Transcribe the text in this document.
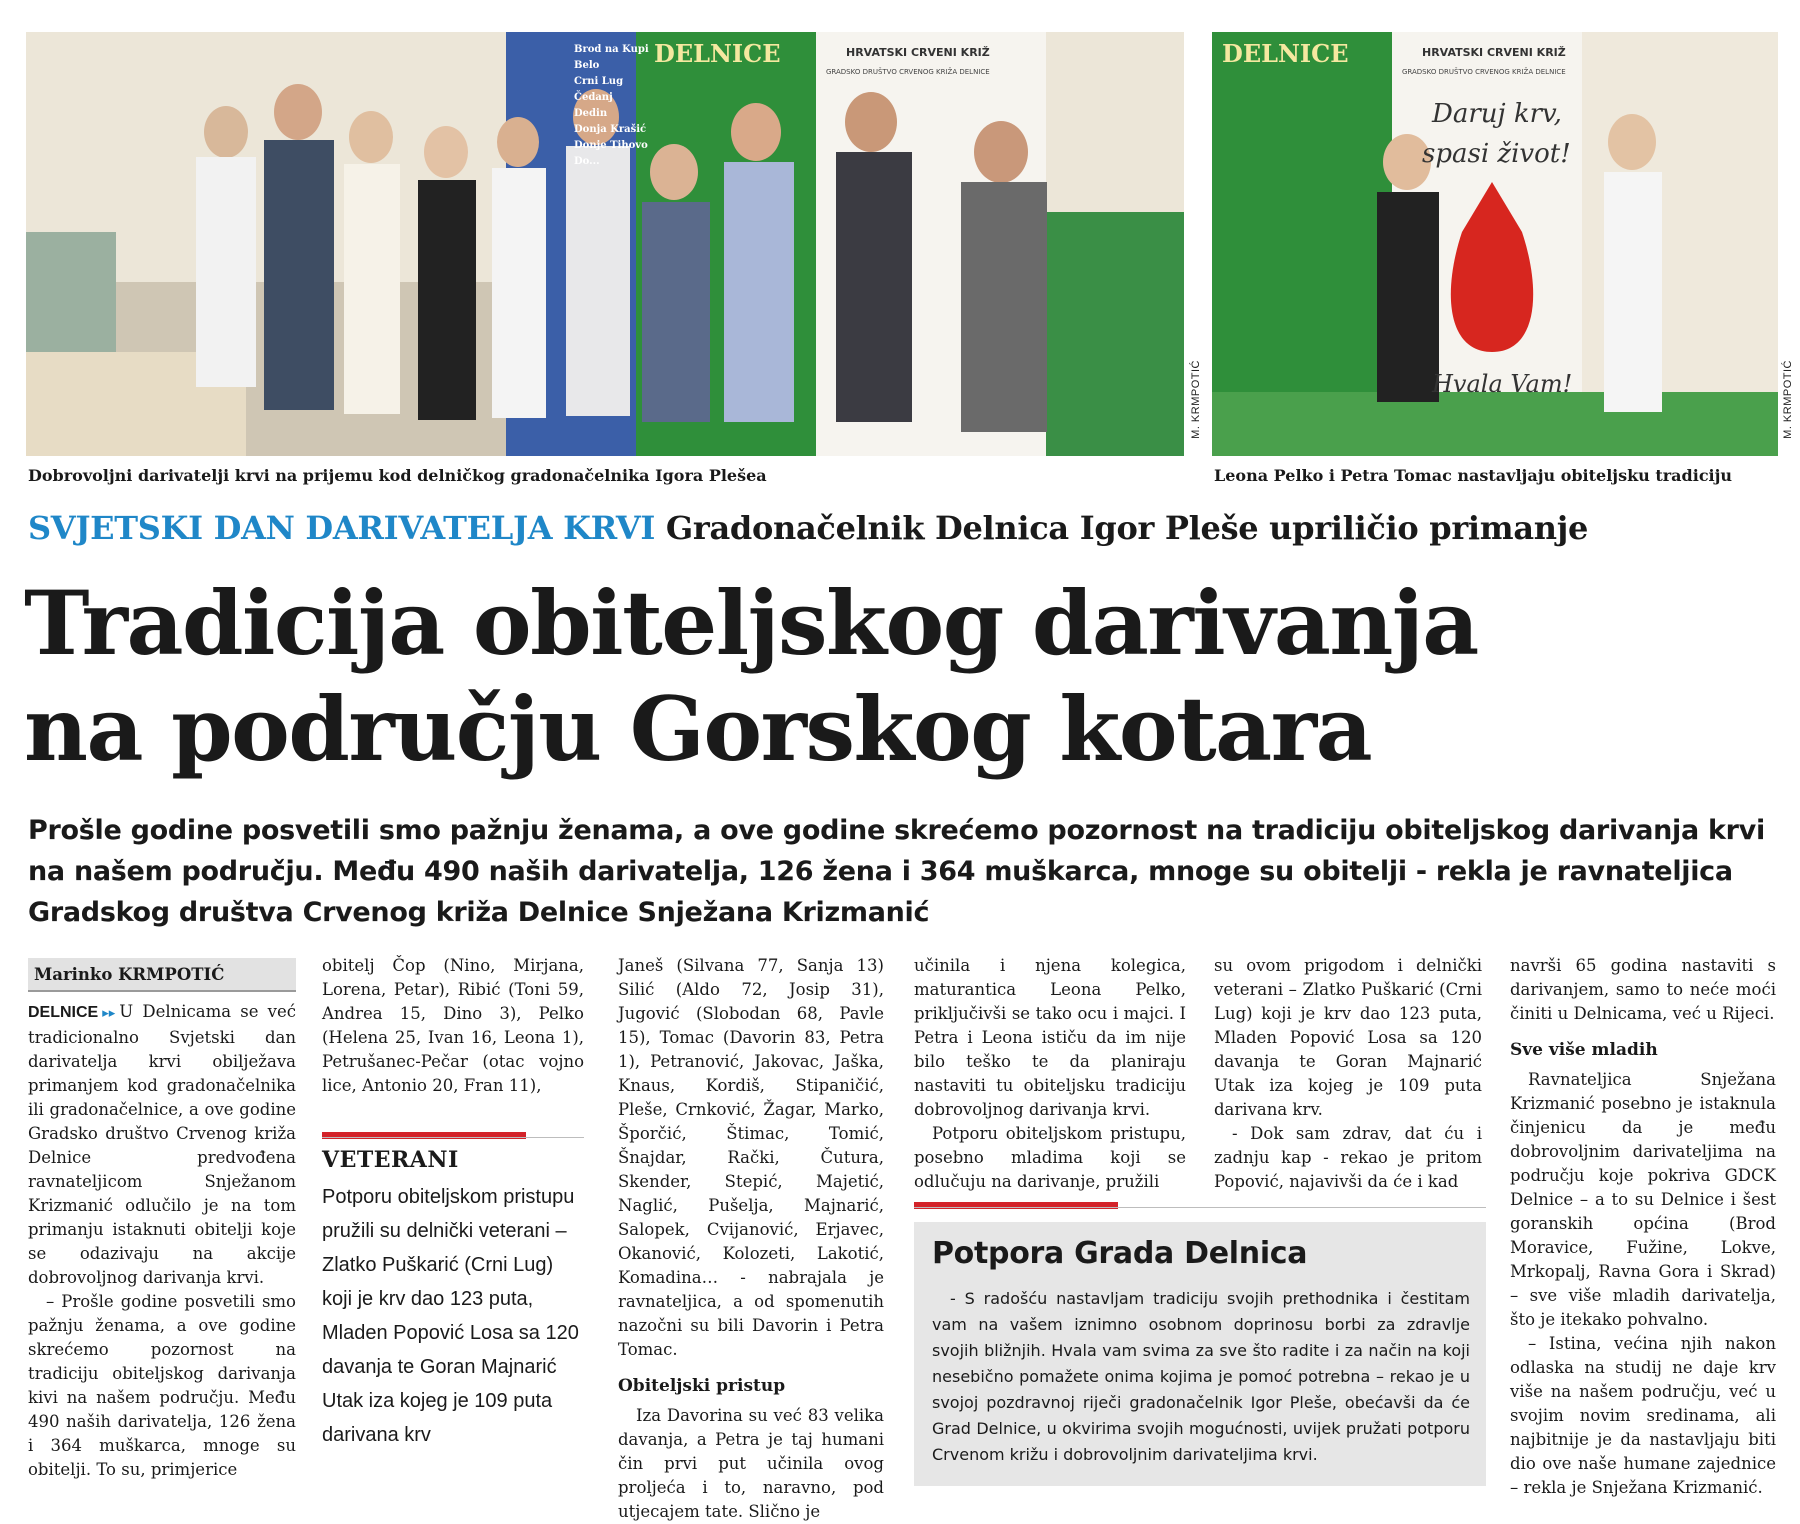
Brod na Kupi
Belo
Crni Lug
Čedanj
Dedin
Donja Krašić
Donje Tihovo
Do...
DELNICE	HRVATSKI CRVENI KRIŽ
GRADSKO DRUŠTVO CRVENOG KRIŽA DELNICE
M. KRMPOTIĆ
Dobrovoljni darivatelji krvi na prijemu kod delničkog gradonačelnika Igora Plešea
DELNICE	HRVATSKI CRVENI KRIŽ
GRADSKO DRUŠTVO CRVENOG KRIŽA DELNICE
Daruj krv,
spasi život!
Hvala Vam!	M. KRMPOTIĆ
Leona Pelko i Petra Tomac nastavljaju obiteljsku tradiciju
SVJETSKI DAN DARIVATELJA KRVI Gradonačelnik Delnica Igor Pleše upriličio primanje
Tradicija obiteljskog darivanja
na području Gorskog kotara
Prošle godine posvetili smo pažnju ženama, a ove godine skrećemo pozornost na tradiciju obiteljskog darivanja krvi na našem području. Među 490 naših darivatelja, 126 žena i 364 muškarca, mnoge su obitelji - rekla je ravnateljica Gradskog društva Crvenog križa Delnice Snježana Krizmanić
Marinko KRMPOTIĆ

DELNICE ▸▸ U Delnicama se već tradicionalno Svjetski dan darivatelja krvi obilježava primanjem kod gradonačelnika ili gradonačelnice, a ove godine Gradsko društvo Crvenog križa Delnice predvođena ravnateljicom Snježanom Krizmanić odlučilo je na tom primanju istaknuti obitelji koje se odazivaju na akcije dobrovoljnog darivanja krvi.

– Prošle godine posvetili smo pažnju ženama, a ove godine skrećemo pozornost na tradiciju obiteljskog darivanja kivi na našem području. Među 490 naših darivatelja, 126 žena i 364 muškarca, mnoge su obitelji. To su, primjerice

obitelj Čop (Nino, Mirjana, Lorena, Petar), Ribić (Toni 59, Andrea 15, Dino 3), Pelko (Helena 25, Ivan 16, Leona 1), Petrušanec-Pečar (otac vojno lice, Antonio 20, Fran 11),

VETERANI
Potporu obiteljskom pristupu pružili su delnički veterani – Zlatko Puškarić (Crni Lug) koji je krv dao 123 puta, Mladen Popović Losa sa 120 davanja te Goran Majnarić Utak iza kojeg je 109 puta darivana krv

Janeš (Silvana 77, Sanja 13) Silić (Aldo 72, Josip 31), Jugović (Slobodan 68, Pavle 15), Tomac (Davorin 83, Petra 1), Petranović, Jakovac, Jaška, Knaus, Kordiš, Stipaničić, Pleše, Crnković, Žagar, Marko, Šporčić, Štimac, Tomić, Šnajdar, Rački, Čutura, Skender, Stepić, Majetić, Naglić, Pušelja, Majnarić, Salopek, Cvijanović, Erjavec, Okanović, Kolozeti, Lakotić, Komadina… - nabrajala je ravnateljica, a od spomenutih nazočni su bili Davorin i Petra Tomac.

Obiteljski pristup

Iza Davorina su već 83 velika davanja, a Petra je taj humani čin prvi put učinila ovog proljeća i to, naravno, pod utjecajem tate. Slično je

učinila i njena kolegica, maturantica Leona Pelko, priključivši se tako ocu i majci. I Petra i Leona ističu da im nije bilo teško te da planiraju nastaviti tu obiteljsku tradiciju dobrovoljnog darivanja krvi.

Potporu obiteljskom pristupu, posebno mladima koji se odlučuju na darivanje, pružili

su ovom prigodom i delnički veterani – Zlatko Puškarić (Crni Lug) koji je krv dao 123 puta, Mladen Popović Losa sa 120 davanja te Goran Majnarić Utak iza kojeg je 109 puta darivana krv.

- Dok sam zdrav, dat ću i zadnju kap - rekao je pritom Popović, najavivši da će i kad

Potpora Grada Delnica

- S radošću nastavljam tradiciju svojih prethodnika i čestitam vam na vašem iznimno osobnom doprinosu borbi za zdravlje svojih bližnjih. Hvala vam svima za sve što radite i za način na koji nesebično pomažete onima kojima je pomoć potrebna – rekao je u svojoj pozdravnoj riječi gradonačelnik Igor Pleše, obećavši da će Grad Delnice, u okvirima svojih mogućnosti, uvijek pružati potporu Crvenom križu i dobrovoljnim darivateljima krvi.

navrši 65 godina nastaviti s darivanjem, samo to neće moći činiti u Delnicama, već u Rijeci.

Sve više mladih

Ravnateljica Snježana Krizmanić posebno je istaknula činjenicu da je među dobrovoljnim darivateljima na području koje pokriva GDCK Delnice – a to su Delnice i šest goranskih općina (Brod Moravice, Fužine, Lokve, Mrkopalj, Ravna Gora i Skrad) – sve više mladih darivatelja, što je itekako pohvalno.

– Istina, većina njih nakon odlaska na studij ne daje krv više na našem području, već u svojim novim sredinama, ali najbitnije je da nastavljaju biti dio ove naše humane zajednice – rekla je Snježana Krizmanić.
